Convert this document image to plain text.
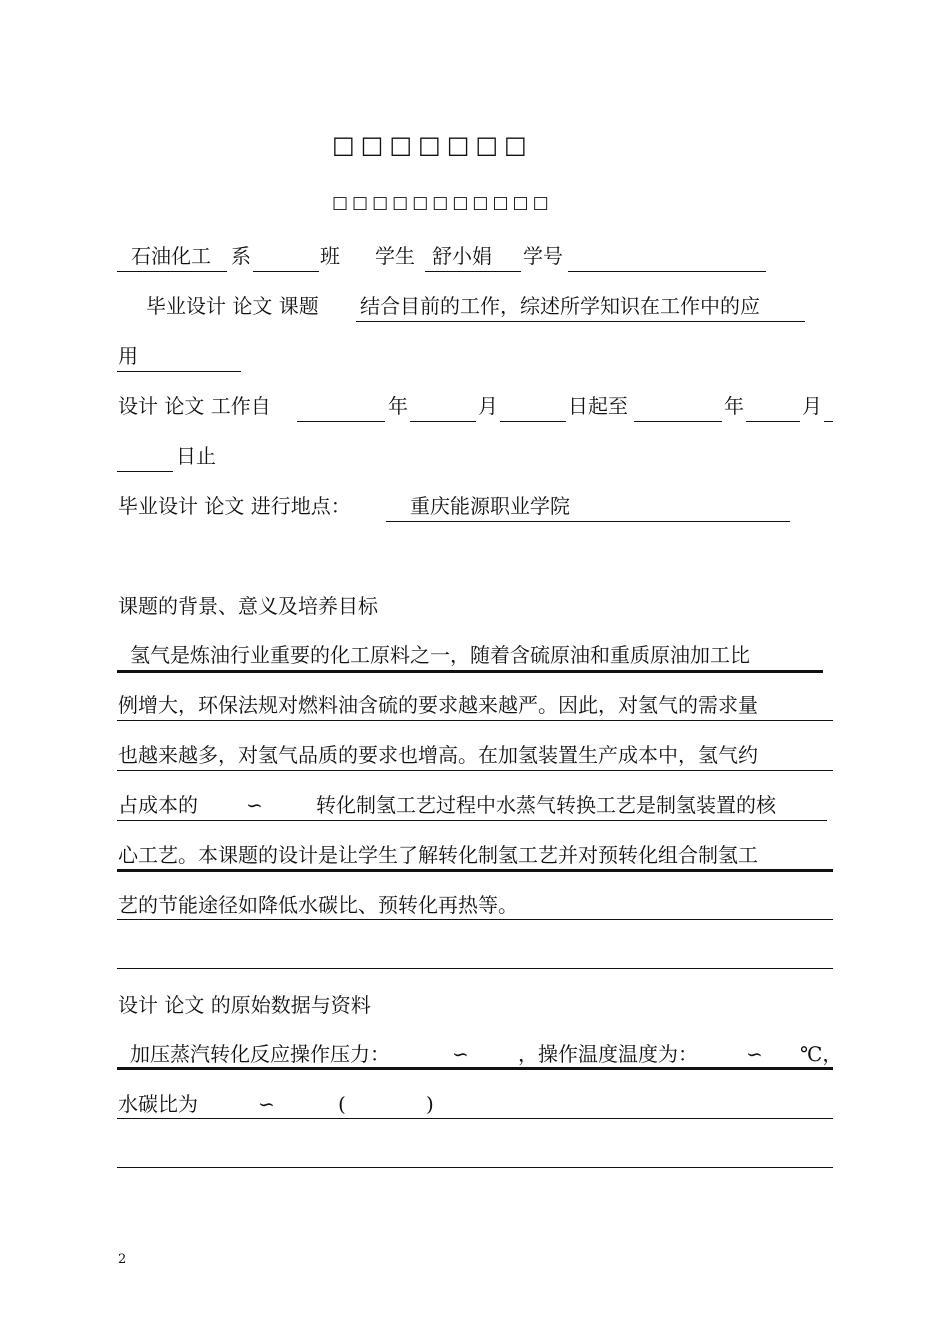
□□□□□□□
□□□□□□□□□□□
石油化工 系	班 学生 舒小娟 学号
毕业设计 论文 课题 结合目前的工作，综述所学知识在工作中的应
用
设计 论文 工作自	年	月	日起至	年	月
日止
毕业设计 论文 进行地点：	重庆能源职业学院
课题的背景、意义及培养目标
氢气是炼油行业重要的化工原料之一，随着含硫原油和重质原油加工比
例增大，环保法规对燃料油含硫的要求越来越严。因此，对氢气的需求量
也越来越多，对氢气品质的要求也增高。在加氢装置生产成本中，氢气约
占成本的 ∽	转化制氢工艺过程中水蒸气转换工艺是制氢装置的核
心工艺。本课题的设计是让学生了解转化制氢工艺并对预转化组合制氢工
艺的节能途径如降低水碳比、预转化再热等。
设计 论文 的原始数据与资料
加压蒸汽转化反应操作压力：	∽ ，操作温度温度为： ∽ ℃，
水碳比为	∽	(	)
2
